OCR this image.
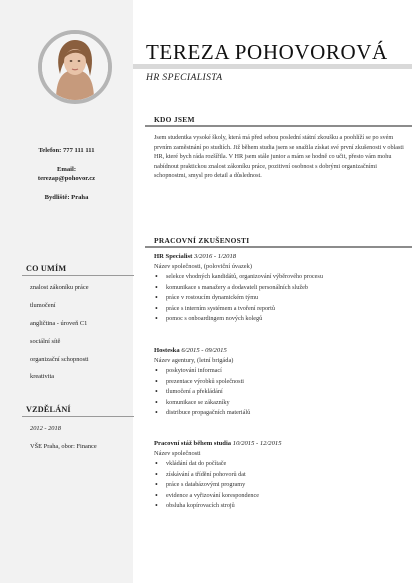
Telefon: 777 111 111
Email:
terezap@pohovor.cz
Bydliště: Praha
CO UMÍM
znalost zákoníku práce
tlumočení
angličtina - úroveň C1
sociální sítě
organizační schopnosti
kreativita
VZDĚLÁNÍ
2012 - 2018
VŠE Praha, obor: Finance
TEREZA POHOVOROVÁ
HR SPECIALISTA
KDO JSEM
Jsem studentka vysoké školy, která má před sebou poslední státní zkoušku a poohlíží se po svém prvním zaměstnání po studiích. Již během studia jsem se snažila získat své první zkušenosti v oblasti HR, které bych ráda rozšířila. V HR jsem stále junior a mám se hodně co učit, přesto vám mohu nabídnout praktickou znalost zákoníku práce, pozitivní osobnost s dobrými organizačními schopnostmi, smysl pro detail a důslednost.
PRACOVNÍ ZKUŠENOSTI
HR Specialist 3/2016 - 1/2018
Název společnosti, (poloviční úvazek)
• selekce vhodných kandidátů, organizování výběrového procesu
• komunikace s manažery a dodavateli personálních služeb
• práce v rostoucím dynamickém týmu
• práce s interním systémem a tvoření reportů
• pomoc s onboardingem nových kolegů
Hosteska 6/2015 - 09/2015
Název agentury, (letní brigáda)
• poskytování informací
• prezentace výrobků společnosti
• tlumočení a překládání
• komunikace se zákazníky
• distribuce propagačních materiálů
Pracovní stáž během studia 10/2015 - 12/2015
Název společnosti
• vkládání dat do počítače
• získávání a třídění pohovorů dat
• práce s databázovými programy
• evidence a vyřizování korespondence
• obsluha kopírovacích strojů
